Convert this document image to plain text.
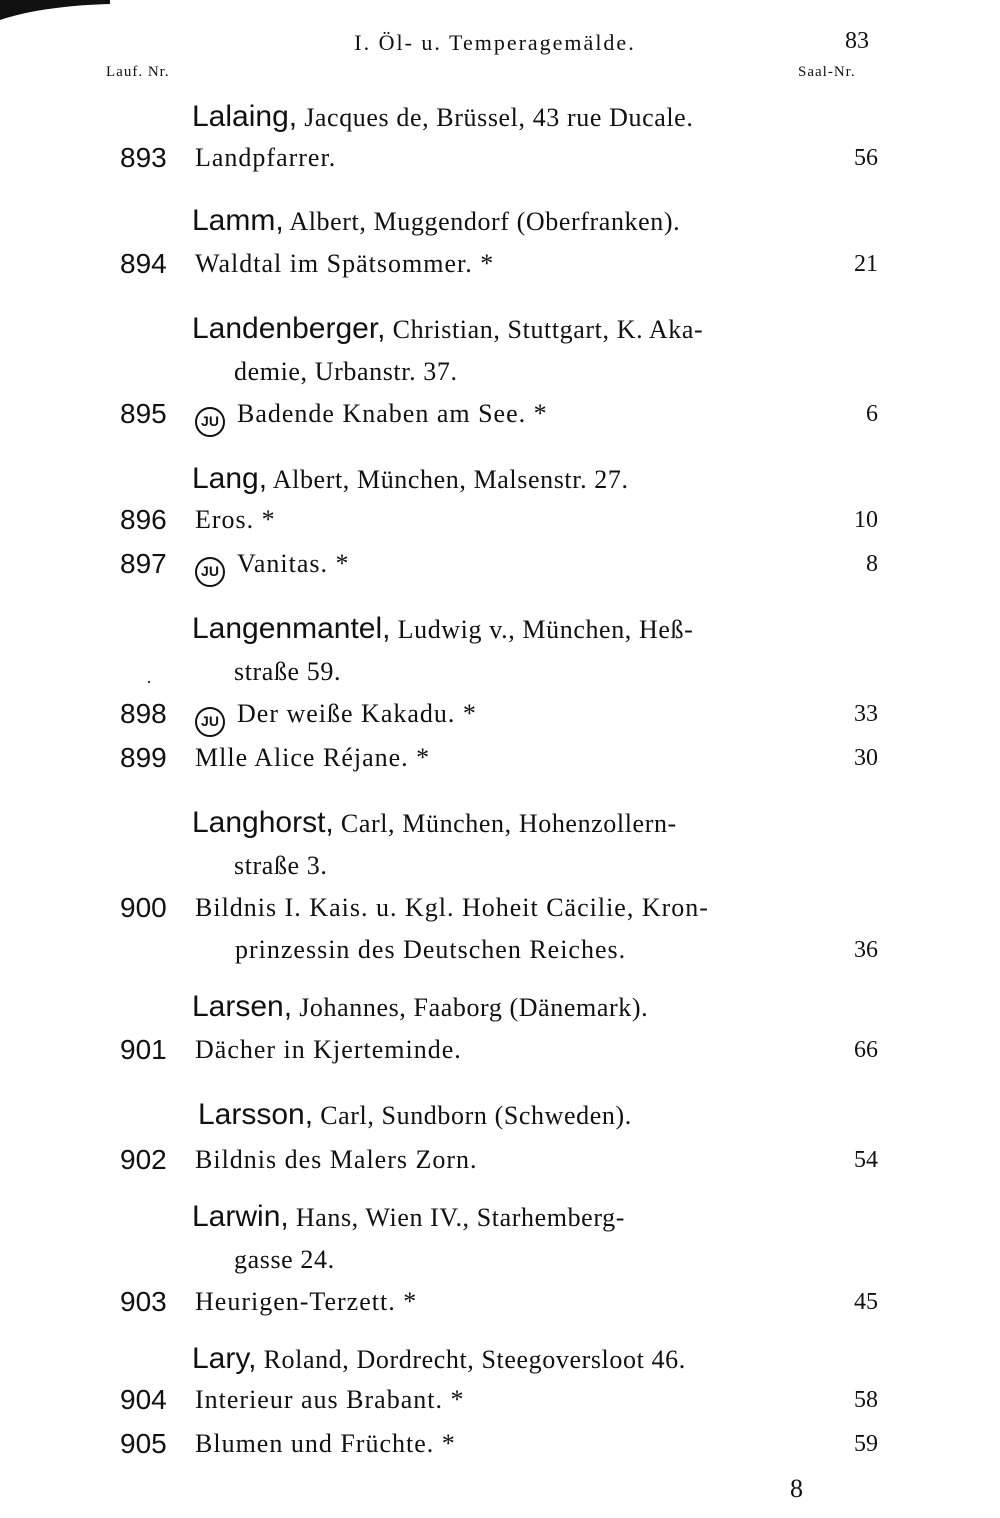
I. Öl- u. Temperagemälde.	83
Lauf. Nr.	Saal-Nr.
Lalaing, Jacques de, Brüssel, 43 rue Ducale.
893	Landpfarrer.	56
Lamm, Albert, Muggendorf (Oberfranken).
894	Waldtal im Spätsommer. *	21
Landenberger, Christian, Stuttgart, K. Aka-
demie, Urbanstr. 37.
895	JU Badende Knaben am See. *	6
Lang, Albert, München, Malsenstr. 27.
896	Eros. *	10
897	JU Vanitas. *	8
Langenmantel, Ludwig v., München, Heß-
straße 59.
·
898	JU Der weiße Kakadu. *	33
899	Mlle Alice Réjane. *	30
Langhorst, Carl, München, Hohenzollern-
straße 3.
900	Bildnis I. Kais. u. Kgl. Hoheit Cäcilie, Kron-
prinzessin des Deutschen Reiches.	36
Larsen, Johannes, Faaborg (Dänemark).
901	Dächer in Kjerteminde.	66
Larsson, Carl, Sundborn (Schweden).
902	Bildnis des Malers Zorn.	54
Larwin, Hans, Wien IV., Starhemberg-
gasse 24.
903	Heurigen-Terzett. *	45
Lary, Roland, Dordrecht, Steegoversloot 46.
904	Interieur aus Brabant. *	58
905	Blumen und Früchte. *	59
8
